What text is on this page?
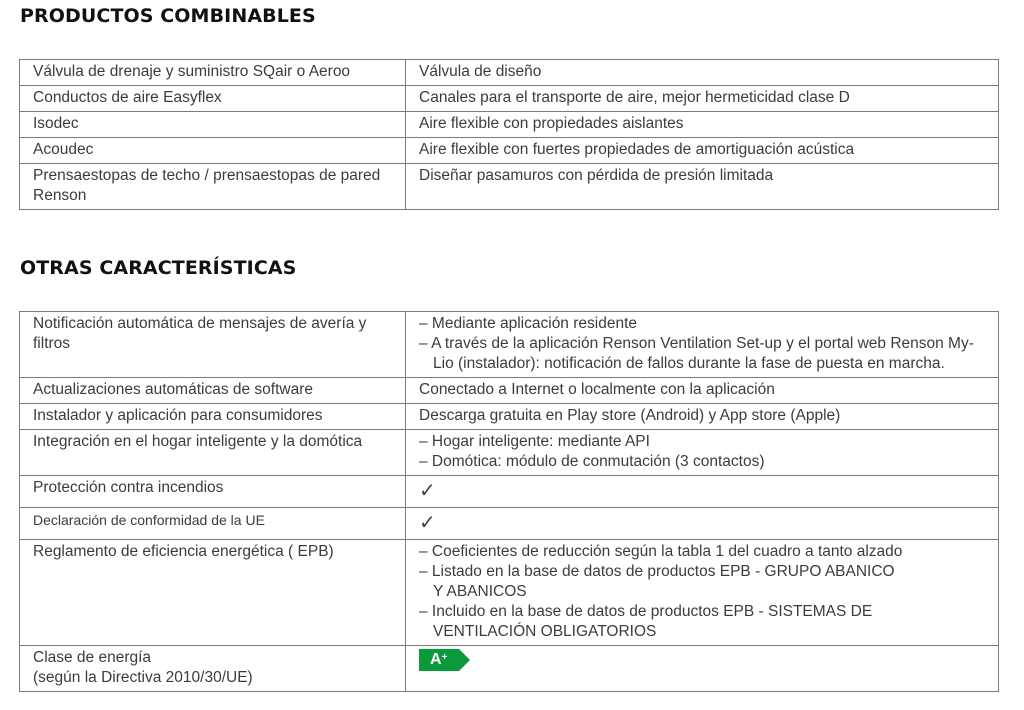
PRODUCTOS COMBINABLES
Válvula de drenaje y suministro SQair o Aeroo	Válvula de diseño
Conductos de aire Easyflex	Canales para el transporte de aire, mejor hermeticidad clase D
Isodec	Aire flexible con propiedades aislantes
Acoudec	Aire flexible con fuertes propiedades de amortiguación acústica

Prensaestopas de techo / prensaestopas de pared
Renson	Diseñar pasamuros con pérdida de presión limitada
OTRAS CARACTERÍSTICAS
Notificación automática de mensajes de avería y
filtros	– Mediante aplicación residente
– A través de la aplicación Renson Ventilation Set-up y el portal web Renson My-
Lio (instalador): notificación de fallos durante la fase de puesta en marcha.

Actualizaciones automáticas de software	Conectado a Internet o localmente con la aplicación
Instalador y aplicación para consumidores	Descarga gratuita en Play store (Android) y App store (Apple)
Integración en el hogar inteligente y la domótica	– Hogar inteligente: mediante API
– Domótica: módulo de conmutación (3 contactos)

Protección contra incendios	✓
Declaración de conformidad de la UE	✓
Reglamento de eficiencia energética ( EPB)	– Coeficientes de reducción según la tabla 1 del cuadro a tanto alzado
– Listado en la base de datos de productos EPB - GRUPO ABANICO
Y ABANICOS
– Incluido en la base de datos de productos EPB - SISTEMAS DE
VENTILACIÓN OBLIGATORIOS

Clase de energía
(según la Directiva 2010/30/UE)	A+
